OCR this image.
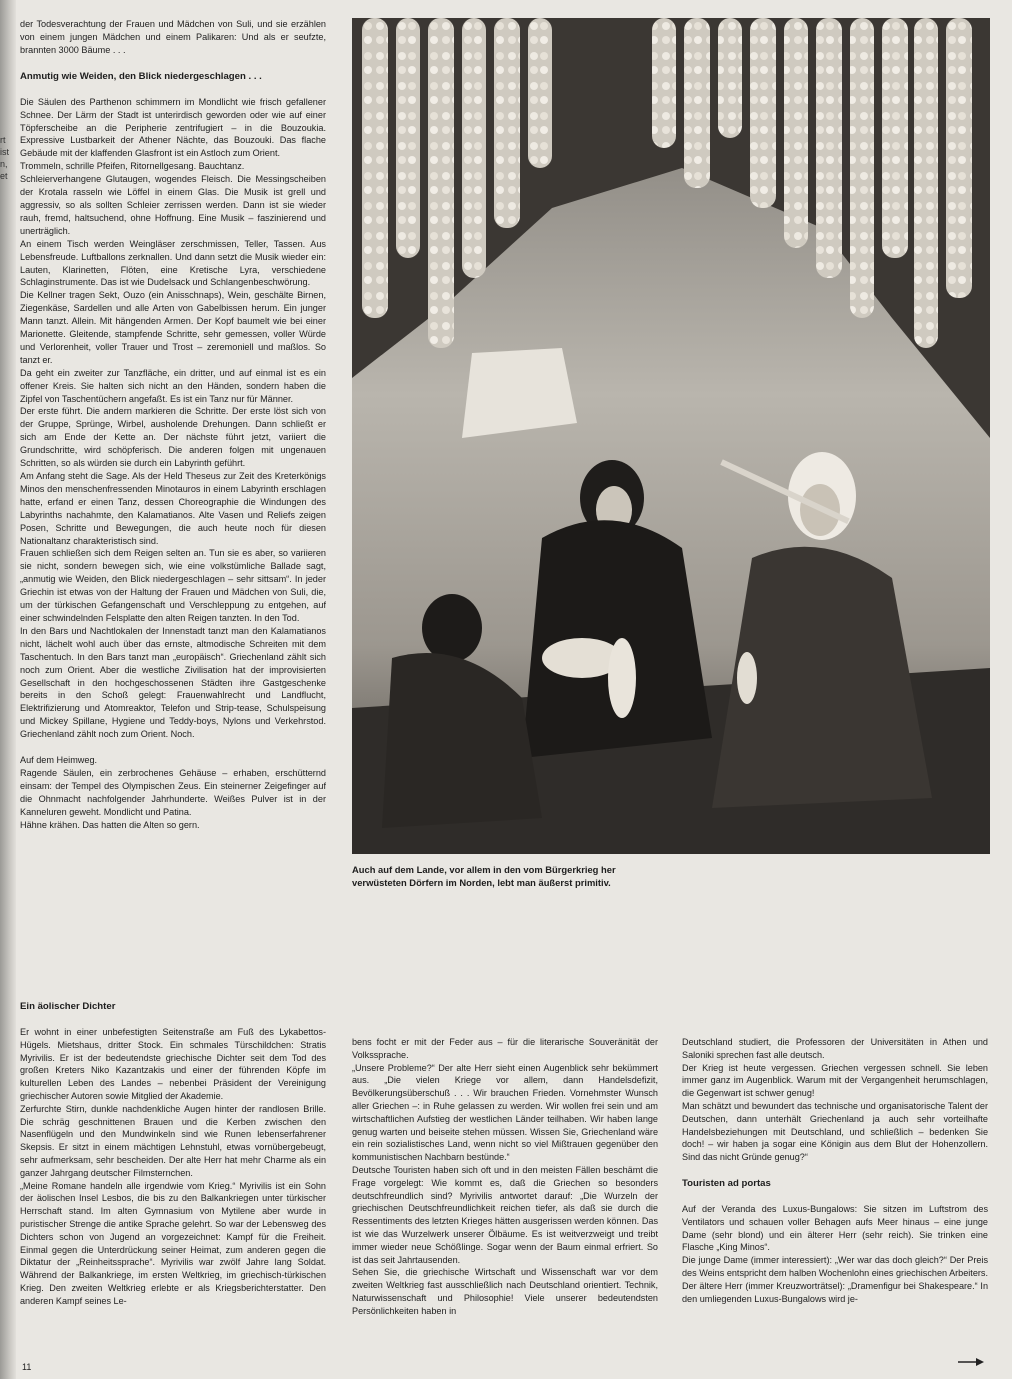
rt
ist
n,
et

der Todesverachtung der Frauen und Mädchen von Suli, und sie erzählen von einem jungen Mädchen und einem Palikaren: Und als er seufzte, brannten 3000 Bäume . . .

Anmutig wie Weiden, den Blick niedergeschlagen . . .

Die Säulen des Parthenon schimmern im Mondlicht wie frisch gefallener Schnee. Der Lärm der Stadt ist unterirdisch geworden oder wie auf einer Töpferscheibe an die Peripherie zentrifugiert – in die Bouzoukia. Expressive Lustbarkeit der Athener Nächte, das Bouzouki. Das flache Gebäude mit der klaffenden Glasfront ist ein Astloch zum Orient.

Trommeln, schrille Pfeifen, Ritornellgesang. Bauchtanz.

Schleierverhangene Glutaugen, wogendes Fleisch. Die Messingscheiben der Krotala rasseln wie Löffel in einem Glas. Die Musik ist grell und aggressiv, so als sollten Schleier zerrissen werden. Dann ist sie wieder rauh, fremd, haltsuchend, ohne Hoffnung. Eine Musik – faszinierend und unerträglich.

An einem Tisch werden Weingläser zerschmissen, Teller, Tassen. Aus Lebensfreude. Luftballons zerknallen. Und dann setzt die Musik wieder ein: Lauten, Klarinetten, Flöten, eine Kretische Lyra, verschiedene Schlaginstrumente. Das ist wie Dudelsack und Schlangenbeschwörung.

Die Kellner tragen Sekt, Ouzo (ein Anisschnaps), Wein, geschälte Birnen, Ziegenkäse, Sardellen und alle Arten von Gabelbissen herum. Ein junger Mann tanzt. Allein. Mit hängenden Armen. Der Kopf baumelt wie bei einer Marionette. Gleitende, stampfende Schritte, sehr gemessen, voller Würde und Verlorenheit, voller Trauer und Trost – zeremoniell und maßlos. So tanzt er.

Da geht ein zweiter zur Tanzfläche, ein dritter, und auf einmal ist es ein offener Kreis. Sie halten sich nicht an den Händen, sondern haben die Zipfel von Taschentüchern angefaßt. Es ist ein Tanz nur für Männer.

Der erste führt. Die andern markieren die Schritte. Der erste löst sich von der Gruppe, Sprünge, Wirbel, ausholende Drehungen. Dann schließt er sich am Ende der Kette an. Der nächste führt jetzt, variiert die Grundschritte, wird schöpferisch. Die anderen folgen mit ungenauen Schritten, so als würden sie durch ein Labyrinth geführt.

Am Anfang steht die Sage. Als der Held Theseus zur Zeit des Kreterkönigs Minos den menschenfressenden Minotauros in einem Labyrinth erschlagen hatte, erfand er einen Tanz, dessen Choreographie die Windungen des Labyrinths nachahmte, den Kalamatianos. Alte Vasen und Reliefs zeigen Posen, Schritte und Bewegungen, die auch heute noch für diesen Nationaltanz charakteristisch sind.

Frauen schließen sich dem Reigen selten an. Tun sie es aber, so variieren sie nicht, sondern bewegen sich, wie eine volkstümliche Ballade sagt, „anmutig wie Weiden, den Blick niedergeschlagen – sehr sittsam“. In jeder Griechin ist etwas von der Haltung der Frauen und Mädchen von Suli, die, um der türkischen Gefangenschaft und Verschleppung zu entgehen, auf einer schwindelnden Felsplatte den alten Reigen tanzten. In den Tod.

In den Bars und Nachtlokalen der Innenstadt tanzt man den Kalamatianos nicht, lächelt wohl auch über das ernste, altmodische Schreiten mit dem Taschentuch. In den Bars tanzt man „europäisch“. Griechenland zählt sich noch zum Orient. Aber die westliche Zivilisation hat der improvisierten Gesellschaft in den hochgeschossenen Städten ihre Gastgeschenke bereits in den Schoß gelegt: Frauenwahlrecht und Landflucht, Elektrifizierung und Atomreaktor, Telefon und Strip-tease, Schulspeisung und Mickey Spillane, Hygiene und Teddy-boys, Nylons und Verkehrstod. Griechenland zählt noch zum Orient. Noch.

Auf dem Heimweg.

Ragende Säulen, ein zerbrochenes Gehäuse – erhaben, erschütternd einsam: der Tempel des Olympischen Zeus. Ein steinerner Zeigefinger auf die Ohnmacht nachfolgender Jahrhunderte. Weißes Pulver ist in der Kanneluren geweht. Mondlicht und Patina.

Hähne krähen. Das hatten die Alten so gern.

Auch auf dem Lande, vor allem in den vom Bürgerkrieg her verwüsteten Dörfern im Norden, lebt man äußerst primitiv.

Ein äolischer Dichter

Er wohnt in einer unbefestigten Seitenstraße am Fuß des Lykabettos-Hügels. Mietshaus, dritter Stock. Ein schmales Türschildchen: Stratis Myrivilis. Er ist der bedeutendste griechische Dichter seit dem Tod des großen Kreters Niko Kazantzakis und einer der führenden Köpfe im kulturellen Leben des Landes – nebenbei Präsident der Vereinigung griechischer Autoren sowie Mitglied der Akademie.

Zerfurchte Stirn, dunkle nachdenkliche Augen hinter der randlosen Brille. Die schräg geschnittenen Brauen und die Kerben zwischen den Nasenflügeln und den Mundwinkeln sind wie Runen lebenserfahrener Skepsis. Er sitzt in einem mächtigen Lehnstuhl, etwas vornübergebeugt, sehr aufmerksam, sehr bescheiden. Der alte Herr hat mehr Charme als ein ganzer Jahrgang deutscher Filmsternchen.

„Meine Romane handeln alle irgendwie vom Krieg.“ Myrivilis ist ein Sohn der äolischen Insel Lesbos, die bis zu den Balkankriegen unter türkischer Herrschaft stand. Im alten Gymnasium von Mytilene aber wurde in puristischer Strenge die antike Sprache gelehrt. So war der Lebensweg des Dichters schon von Jugend an vorgezeichnet: Kampf für die Freiheit. Einmal gegen die Unterdrückung seiner Heimat, zum anderen gegen die Diktatur der „Reinheitssprache“. Myrivilis war zwölf Jahre lang Soldat. Während der Balkankriege, im ersten Weltkrieg, im griechisch-türkischen Krieg. Den zweiten Weltkrieg erlebte er als Kriegsberichterstatter. Den anderen Kampf seines Le-

bens focht er mit der Feder aus – für die literarische Souveränität der Volkssprache.

„Unsere Probleme?“ Der alte Herr sieht einen Augenblick sehr bekümmert aus. „Die vielen Kriege vor allem, dann Handelsdefizit, Bevölkerungsüberschuß . . . Wir brauchen Frieden. Vornehmster Wunsch aller Griechen –: in Ruhe gelassen zu werden. Wir wollen frei sein und am wirtschaftlichen Aufstieg der westlichen Länder teilhaben. Wir haben lange genug warten und beiseite stehen müssen. Wissen Sie, Griechenland wäre ein rein sozialistisches Land, wenn nicht so viel Mißtrauen gegenüber den kommunistischen Nachbarn bestünde.“

Deutsche Touristen haben sich oft und in den meisten Fällen beschämt die Frage vorgelegt: Wie kommt es, daß die Griechen so besonders deutschfreundlich sind? Myrivilis antwortet darauf: „Die Wurzeln der griechischen Deutschfreundlichkeit reichen tiefer, als daß sie durch die Ressentiments des letzten Krieges hätten ausgerissen werden können. Das ist wie das Wurzelwerk unserer Ölbäume. Es ist weitverzweigt und treibt immer wieder neue Schößlinge. Sogar wenn der Baum einmal erfriert. So ist das seit Jahrtausenden.

Sehen Sie, die griechische Wirtschaft und Wissenschaft war vor dem zweiten Weltkrieg fast ausschließlich nach Deutschland orientiert. Technik, Naturwissenschaft und Philosophie! Viele unserer bedeutendsten Persönlichkeiten haben in

Deutschland studiert, die Professoren der Universitäten in Athen und Saloniki sprechen fast alle deutsch.

Der Krieg ist heute vergessen. Griechen vergessen schnell. Sie leben immer ganz im Augenblick. Warum mit der Vergangenheit herumschlagen, die Gegenwart ist schwer genug!

Man schätzt und bewundert das technische und organisatorische Talent der Deutschen, dann unterhält Griechenland ja auch sehr vorteilhafte Handelsbeziehungen mit Deutschland, und schließlich – bedenken Sie doch! – wir haben ja sogar eine Königin aus dem Blut der Hohenzollern. Sind das nicht Gründe genug?“

Touristen ad portas

Auf der Veranda des Luxus-Bungalows: Sie sitzen im Luftstrom des Ventilators und schauen voller Behagen aufs Meer hinaus – eine junge Dame (sehr blond) und ein älterer Herr (sehr reich). Sie trinken eine Flasche „King Minos“.

Die junge Dame (immer interessiert): „Wer war das doch gleich?“ Der Preis des Weins entspricht dem halben Wochenlohn eines griechischen Arbeiters.

Der ältere Herr (immer Kreuzworträtsel): „Dramenfigur bei Shakespeare.“ In den umliegenden Luxus-Bungalows wird je-

11
